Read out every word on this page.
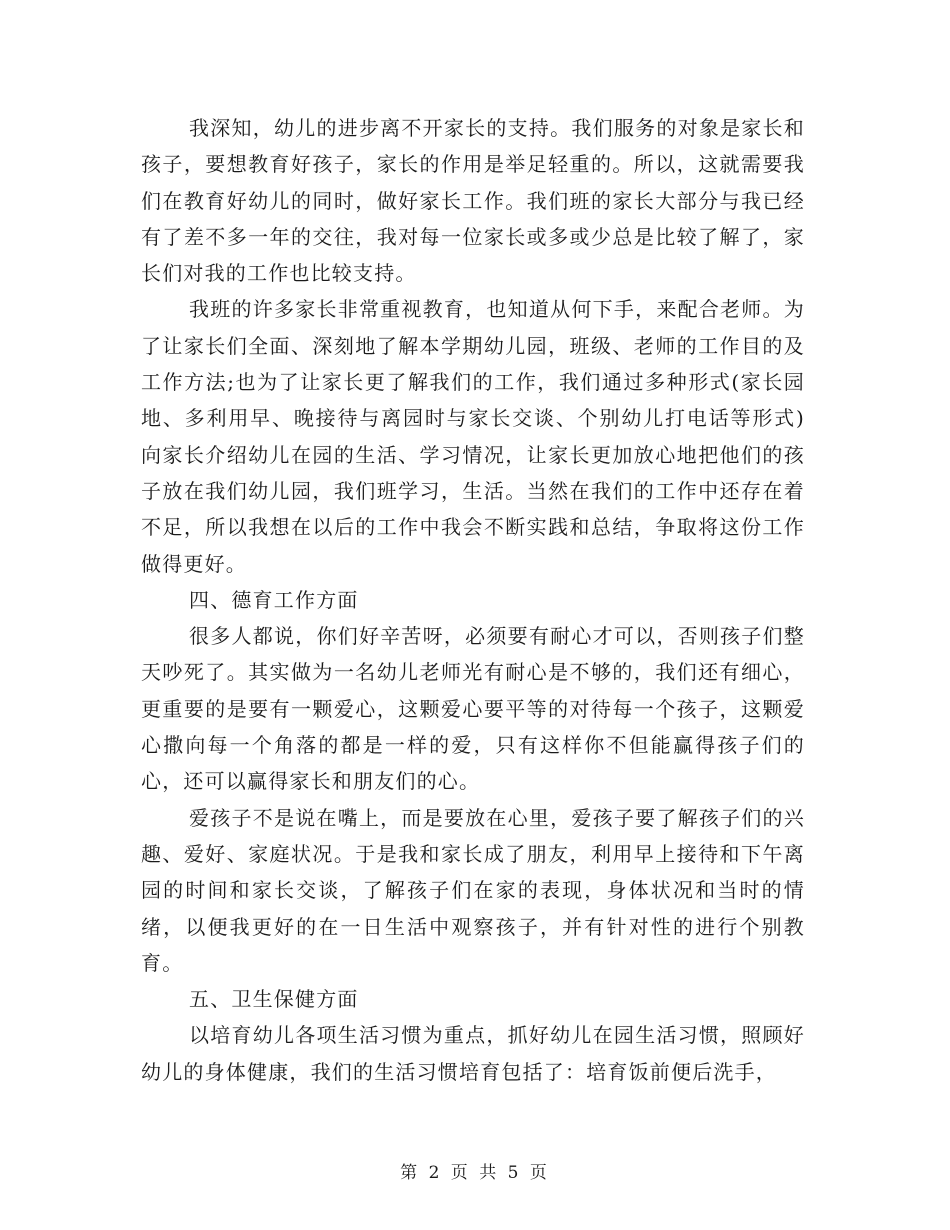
我深知，幼儿的进步离不开家长的支持。我们服务的对象是家长和孩子，要想教育好孩子，家长的作用是举足轻重的。所以，这就需要我们在教育好幼儿的同时，做好家长工作。我们班的家长大部分与我已经有了差不多一年的交往，我对每一位家长或多或少总是比较了解了，家长们对我的工作也比较支持。

我班的许多家长非常重视教育，也知道从何下手，来配合老师。为了让家长们全面、深刻地了解本学期幼儿园，班级、老师的工作目的及工作方法;也为了让家长更了解我们的工作，我们通过多种形式(家长园地、多利用早、晚接待与离园时与家长交谈、个别幼儿打电话等形式)向家长介绍幼儿在园的生活、学习情况，让家长更加放心地把他们的孩子放在我们幼儿园，我们班学习，生活。当然在我们的工作中还存在着不足，所以我想在以后的工作中我会不断实践和总结，争取将这份工作做得更好。

四、德育工作方面

很多人都说，你们好辛苦呀，必须要有耐心才可以，否则孩子们整天吵死了。其实做为一名幼儿老师光有耐心是不够的，我们还有细心，更重要的是要有一颗爱心，这颗爱心要平等的对待每一个孩子，这颗爱心撒向每一个角落的都是一样的爱，只有这样你不但能赢得孩子们的心，还可以赢得家长和朋友们的心。

爱孩子不是说在嘴上，而是要放在心里，爱孩子要了解孩子们的兴趣、爱好、家庭状况。于是我和家长成了朋友，利用早上接待和下午离园的时间和家长交谈，了解孩子们在家的表现，身体状况和当时的情绪，以便我更好的在一日生活中观察孩子，并有针对性的进行个别教育。

五、卫生保健方面

以培育幼儿各项生活习惯为重点，抓好幼儿在园生活习惯，照顾好幼儿的身体健康，我们的生活习惯培育包括了：培育饭前便后洗手，

第 2 页 共 5 页
